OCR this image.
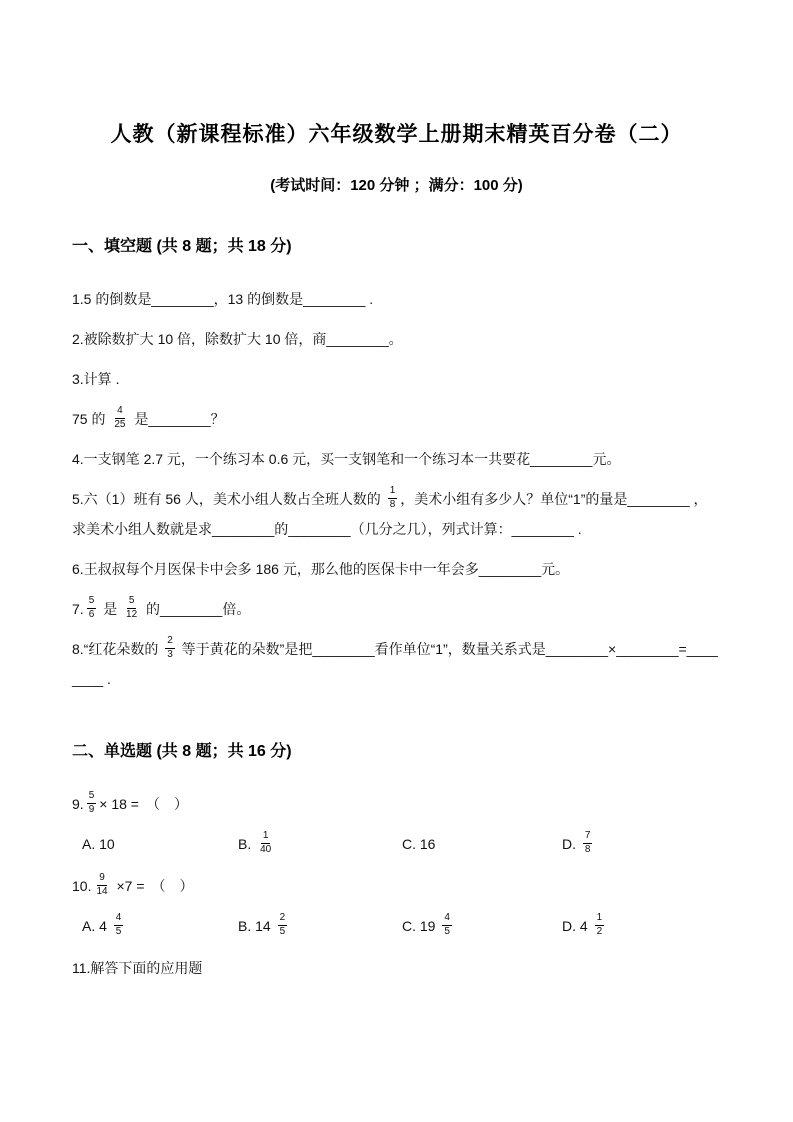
人教（新课程标准）六年级数学上册期末精英百分卷（二）
(考试时间：120 分钟 ；满分：100 分)
一、填空题 (共 8 题；共 18 分)
1.5 的倒数是________，13 的倒数是________ .
2.被除数扩大 10 倍，除数扩大 10 倍，商________。
3.计算 .
75 的 $\frac{4}{25}$ 是________？
4.一支钢笔 2.7 元，一个练习本 0.6 元，买一支钢笔和一个练习本一共要花________元。
5.六（1）班有 56 人，美术小组人数占全班人数的 $\frac{1}{8}$ ，美术小组有多少人？单位“1”的量是________ ，求美术小组人数就是求________的________（几分之几），列式计算：________ .
6.王叔叔每个月医保卡中会多 186 元，那么他的医保卡中一年会多________元。
7. $\frac{5}{6}$ 是 $\frac{5}{12}$ 的________倍。
8.“红花朵数的 $\frac{2}{3}$ 等于黄花的朵数”是把________看作单位“1”，数量关系式是________×________=________ .
二、单选题 (共 8 题；共 16 分)
9. $\frac{5}{9} \times 18$ =　（　）
A. 10	B. $\frac{1}{40}$	C. 16	D. $\frac{7}{8}$
10. $\frac{9}{14} \times 7$ =　（　）
A. $4 \frac{4}{5}$	B. $14 \frac{2}{5}$	C. $19 \frac{4}{5}$	D. $4 \frac{1}{2}$
11.解答下面的应用题
